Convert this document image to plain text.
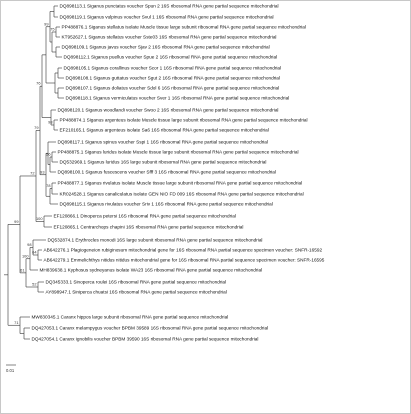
DQ898113.1 Siganus punctatus voucher Spun 2 16S ribosomal RNA gene partial sequence mitochondrial
DQ898119.1 Siganus vulpinus voucher Svul 1 16S ribosomal RNA gene partial sequence mitochondrial
PP488876.1 Siganus stellatus isolate Muscle tissue large subunit ribosomal RNA gene partial sequence mitochondrial
KT952627.1 Siganus stellatus voucher Sste03 16S ribosomal RNA gene partial sequence mitochondrial
DQ898109.1 Siganus javus voucher Sjav 2 16S ribosomal RNA gene partial sequence mitochondrial
DQ898112.1 Siganus puellus voucher Spue 2 16S ribosomal RNA gene partial sequence mitochondrial
DQ898105.1 Siganus corallinus voucher Scor 1 16S ribosomal RNA gene partial sequence mitochondrial
DQ898108.1 Siganus guttatus voucher Sgut 2 16S ribosomal RNA gene partial sequence mitochondrial
DQ898107.1 Siganus doliatus voucher Sdol 6 16S ribosomal RNA gene partial sequence mitochondrial
DQ898118.1 Siganus vermiculatus voucher Sver 1 16S ribosomal RNA gene partial sequence mitochondrial
DQ898120.1 Siganus woodlandi voucher Swoo 2 16S ribosomal RNA gene partial sequence mitochondrial
PP488874.1 Siganus argenteus isolate Muscle tissue large subunit ribosomal RNA gene partial sequence mitochondrial
EF210165.1 Siganus argenteus isolate Sa6 16S ribosomal RNA gene partial sequence mitochondrial
DQ898117.1 Siganus spinus voucher Sspi 1 16S ribosomal RNA gene partial sequence mitochondrial
PP488875.1 Siganus luridus isolate Muscle tissue large subunit ribosomal RNA gene partial sequence mitochondrial
DQ532969.1 Siganus luridus 16S large subunit ribosomal RNA gene partial sequence mitochondrial
DQ898100.1 Siganus fuscescens voucher Sfff 3 16S ribosomal RNA gene partial sequence mitochondrial
PP488877.1 Siganus rivulatus isolate Muscle tissue large subunit ribosomal RNA gene partial sequence mitochondrial
KR024528.1 Siganus canaliculatus isolate GEN NIO FD 009 16S ribosomal RNA gene partial sequence mitochondrial
DQ898115.1 Siganus rivulatus voucher Sriv 1 16S ribosomal RNA gene partial sequence mitochondrial
EF120866.1 Dinoperca petersi 16S ribosomal RNA gene partial sequence mitochondrial
EF120865.1 Centrarchops chapini 16S ribosomal RNA gene partial sequence mitochondrial
DQ532874.1 Erythrocles monodi 16S large subunit ribosomal RNA gene partial sequence mitochondrial
AB642276.1 Plagiogeneion rubiginosum mitochondrial gene for 16S ribosomal RNA partial sequence specimen voucher: SNFR-16592
AB642279.1 Emmelichthys nitidus nitidus mitochondrial gene for 16S ribosomal RNA partial sequence specimen voucher: SNFR-16595
MH839638.1 Kyphosus sydneyanus isolate WA23 16S ribosomal RNA gene partial sequence mitochondrial
DQ345333.1 Sinoperca roulei 16S ribosomal RNA gene partial sequence mitochondrial
AY898947.1 Siniperca chuatsi 16S ribosomal RNA gene partial sequence mitochondrial
MW830345.1 Caranx hippos large subunit ribosomal RNA gene partial sequence mitochondrial
DQ427053.1 Caranx melampygus voucher BPBM 39589 16S ribosomal RNA gene partial sequence mitochondrial
DQ427054.1 Caranx ignobilis voucher BPBM 39590 16S ribosomal RNA gene partial sequence mitochondrial
75
99
98
76
56
78
93
79
100
72
64
98
100
52
61
99
71
0.01
